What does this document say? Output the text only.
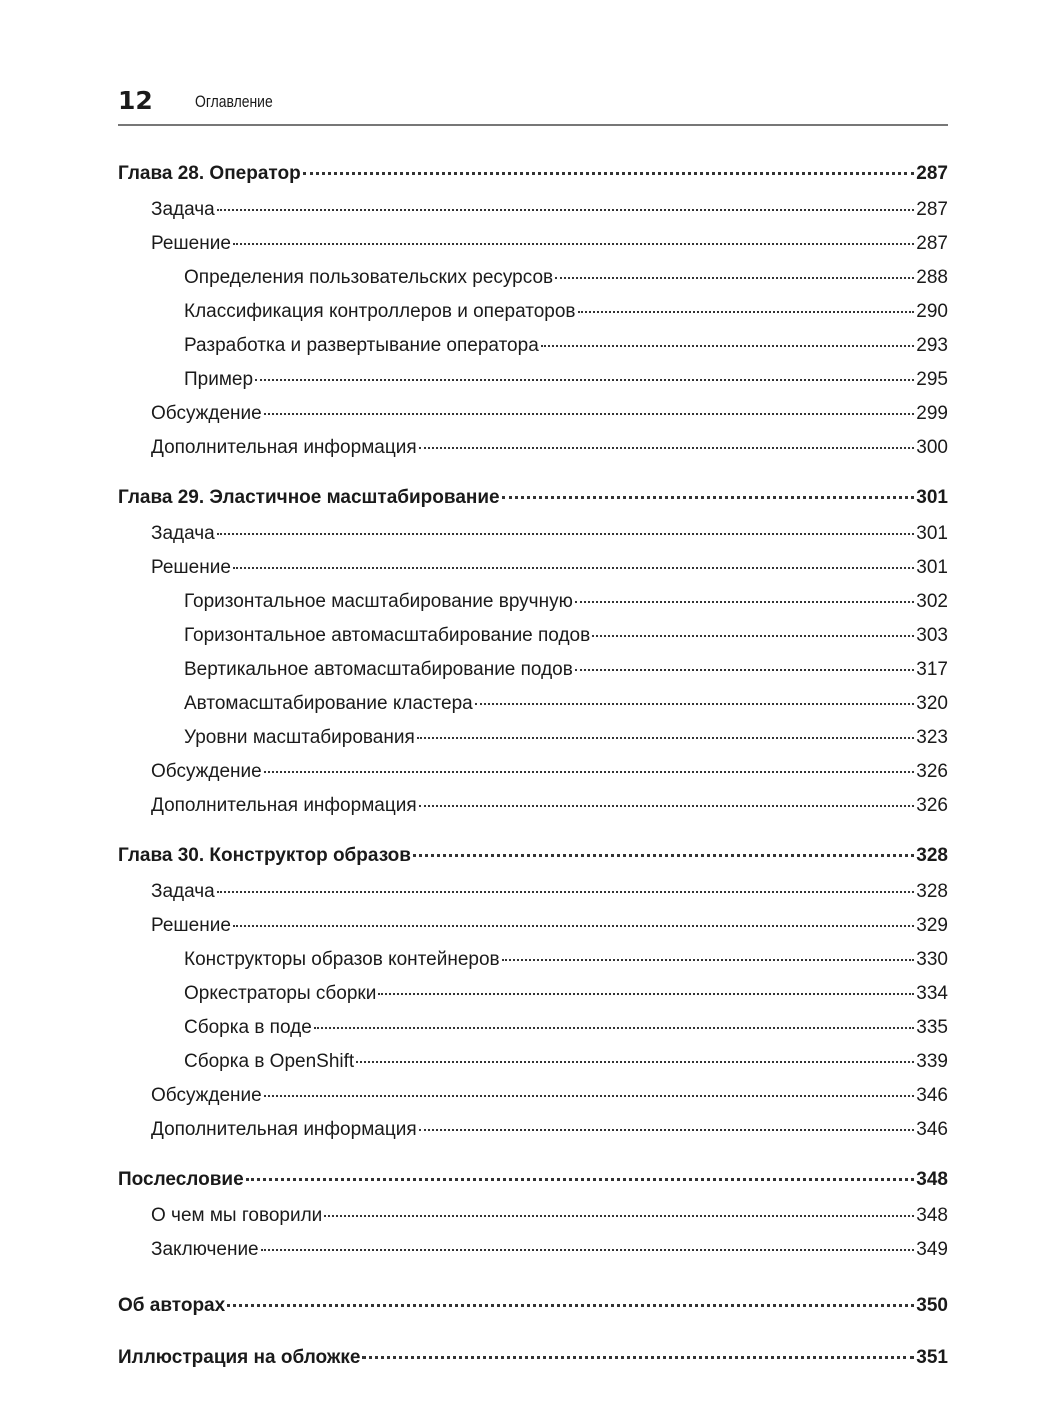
12 Оглавление
Глава 28. Оператор	287
Задача	287
Решение	287
Определения пользовательских ресурсов	288
Классификация контроллеров и операторов	290
Разработка и развертывание оператора	293
Пример	295
Обсуждение	299
Дополнительная информация	300
Глава 29. Эластичное масштабирование	301
Задача	301
Решение	301
Горизонтальное масштабирование вручную	302
Горизонтальное автомасштабирование подов	303
Вертикальное автомасштабирование подов	317
Автомасштабирование кластера	320
Уровни масштабирования	323
Обсуждение	326
Дополнительная информация	326
Глава 30. Конструктор образов	328
Задача	328
Решение	329
Конструкторы образов контейнеров	330
Оркестраторы сборки	334
Сборка в поде	335
Сборка в OpenShift	339
Обсуждение	346
Дополнительная информация	346
Послесловие	348
О чем мы говорили	348
Заключение	349
Об авторах	350
Иллюстрация на обложке	351
